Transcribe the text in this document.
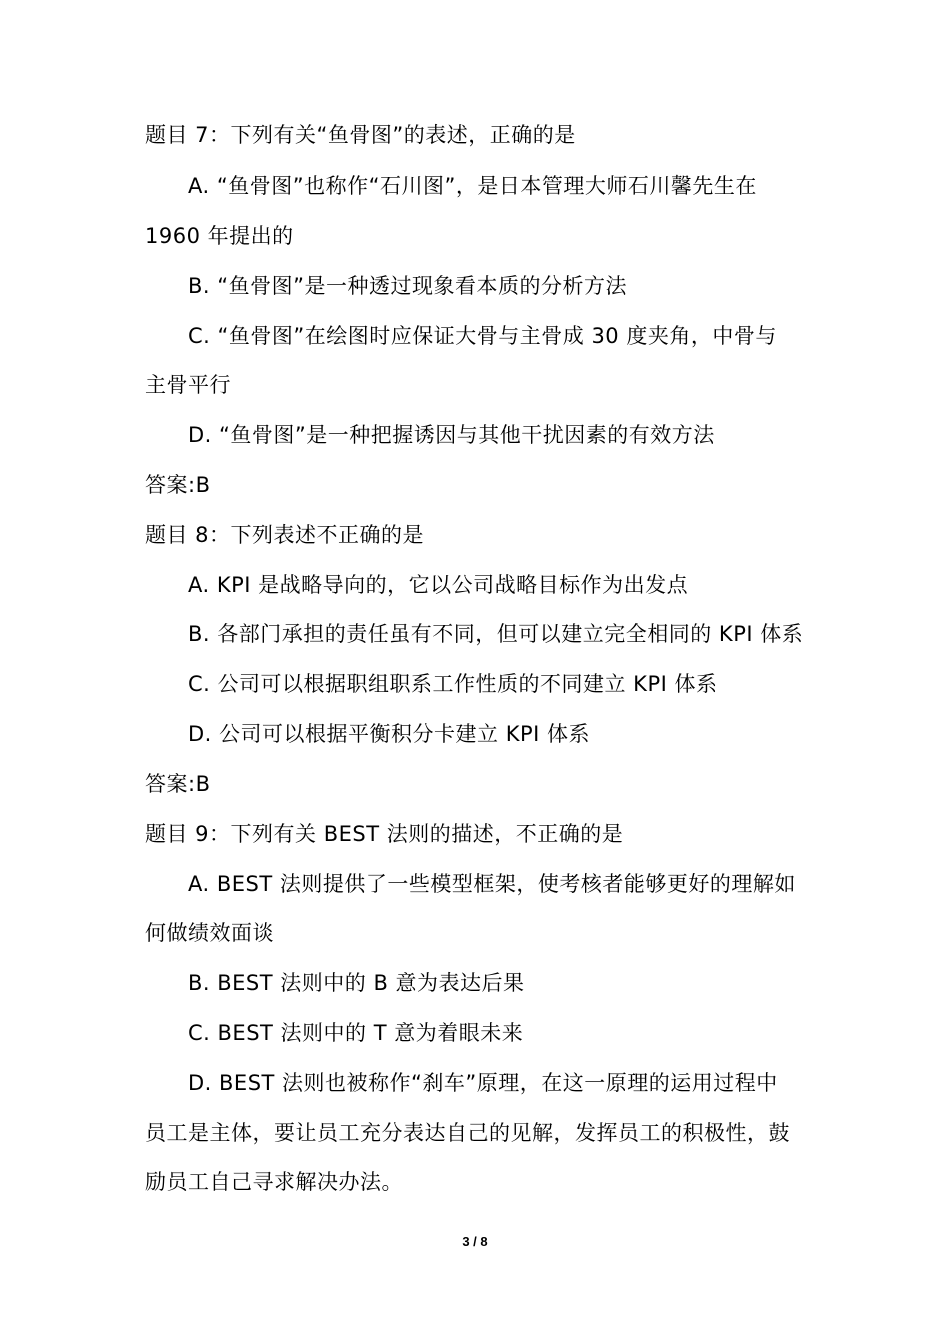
题目 7：下列有关“鱼骨图”的表述，正确的是
A. “鱼骨图”也称作“石川图”，是日本管理大师石川馨先生在
1960 年提出的
B. “鱼骨图”是一种透过现象看本质的分析方法
C. “鱼骨图”在绘图时应保证大骨与主骨成 30 度夹角，中骨与
主骨平行
D. “鱼骨图”是一种把握诱因与其他干扰因素的有效方法
答案:B
题目 8：下列表述不正确的是
A. KPI 是战略导向的，它以公司战略目标作为出发点
B. 各部门承担的责任虽有不同，但可以建立完全相同的 KPI 体系
C. 公司可以根据职组职系工作性质的不同建立 KPI 体系
D. 公司可以根据平衡积分卡建立 KPI 体系
答案:B
题目 9：下列有关 BEST 法则的描述，不正确的是
A. BEST 法则提供了一些模型框架，使考核者能够更好的理解如
何做绩效面谈
B. BEST 法则中的 B 意为表达后果
C. BEST 法则中的 T 意为着眼未来
D. BEST 法则也被称作“刹车”原理，在这一原理的运用过程中
员工是主体，要让员工充分表达自己的见解，发挥员工的积极性，鼓
励员工自己寻求解决办法。
3 / 8
